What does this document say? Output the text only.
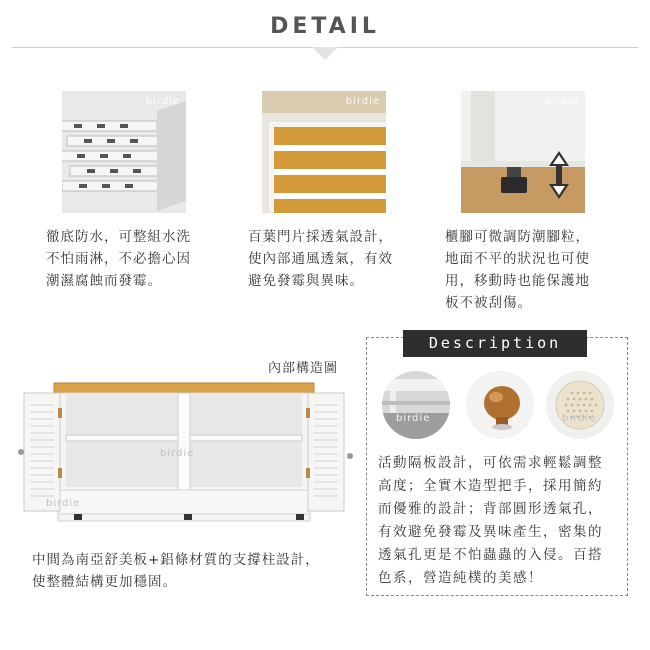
DETAIL
birdie	birdie	birdie
徹底防水，可整組水洗
不怕雨淋，不必擔心因
潮濕腐蝕而發霉。
百葉門片採透氣設計，
使內部通風透氣，有效
避免發霉與異味。
櫃腳可微調防潮腳粒，
地面不平的狀況也可使
用，移動時也能保護地
板不被刮傷。
內部構造圖
birdie
birdie
中間為南亞舒美板+鋁條材質的支撐柱設計，
使整體結構更加穩固。
Description
birdie	birdie
活動隔板設計，可依需求輕鬆調整
高度；全實木造型把手，採用簡約
而優雅的設計；背部圓形透氣孔，
有效避免發霉及異味產生，密集的
透氣孔更是不怕蟲蟲的入侵。百搭
色系，營造純樸的美感！
